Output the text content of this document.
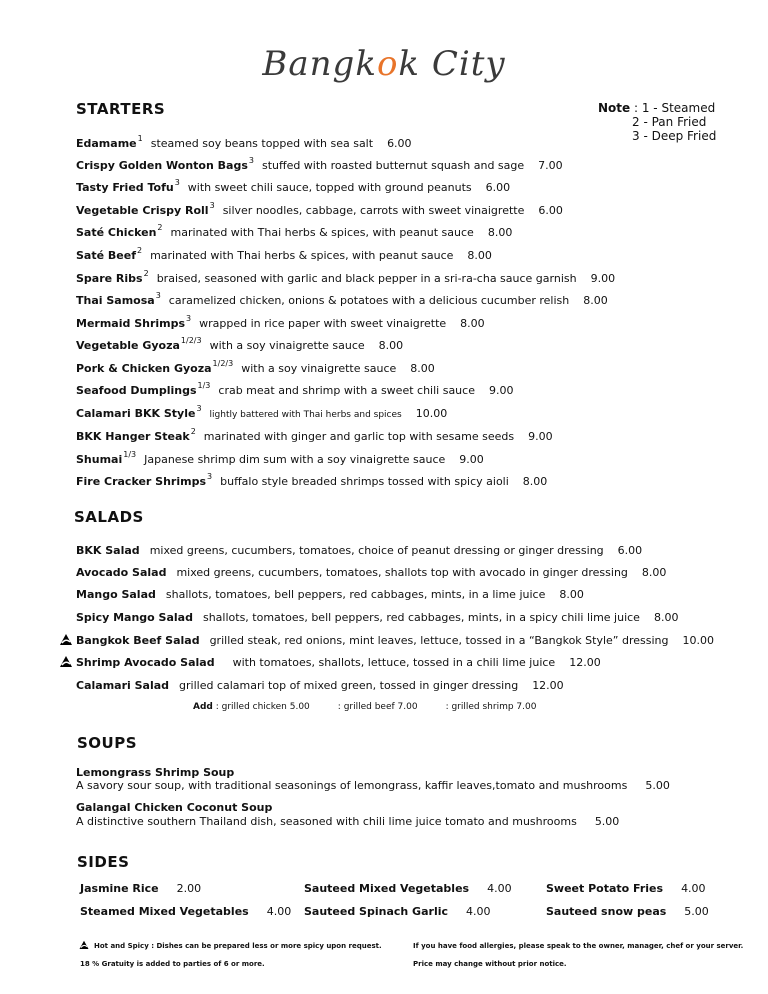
Bangkok City
STARTERS	Note : 1 - Steamed
2 - Pan Fried
3 - Deep Fried
Edamame$^1$ steamed soy beans topped with sea salt 6.00
Crispy Golden Wonton Bags$^3$ stuffed with roasted butternut squash and sage 7.00
Tasty Fried Tofu$^3$ with sweet chili sauce, topped with ground peanuts 6.00
Vegetable Crispy Roll$^3$ silver noodles, cabbage, carrots with sweet vinaigrette 6.00
Saté Chicken$^2$ marinated with Thai herbs & spices, with peanut sauce 8.00
Saté Beef$^2$ marinated with Thai herbs & spices, with peanut sauce 8.00
Spare Ribs$^2$ braised, seasoned with garlic and black pepper in a sri-ra-cha sauce garnish 9.00
Thai Samosa$^3$ caramelized chicken, onions & potatoes with a delicious cucumber relish 8.00
Mermaid Shrimps$^3$ wrapped in rice paper with sweet vinaigrette 8.00
Vegetable Gyoza$^{1/2/3}$ with a soy vinaigrette sauce 8.00
Pork & Chicken Gyoza$^{1/2/3}$ with a soy vinaigrette sauce 8.00
Seafood Dumplings$^{1/3}$ crab meat and shrimp with a sweet chili sauce 9.00
Calamari BKK Style$^3$lightly battered with Thai herbs and spices 10.00
BKK Hanger Steak$^2$ marinated with ginger and garlic top with sesame seeds 9.00
Shumai$^{1/3}$ Japanese shrimp dim sum with a soy vinaigrette sauce 9.00
Fire Cracker Shrimps$^3$ buffalo style breaded shrimps tossed with spicy aioli 8.00
SALADS
BKK Salad mixed greens, cucumbers, tomatoes, choice of peanut dressing or ginger dressing 6.00
Avocado Salad mixed greens, cucumbers, tomatoes, shallots top with avocado in ginger dressing 8.00
Mango Salad shallots, tomatoes, bell peppers, red cabbages, mints, in a lime juice 8.00
Spicy Mango Salad shallots, tomatoes, bell peppers, red cabbages, mints, in a spicy chili lime juice 8.00
Bangkok Beef Salad grilled steak, red onions, mint leaves, lettuce, tossed in a “Bangkok Style” dressing 10.00
Shrimp Avocado Salad with tomatoes, shallots, lettuce, tossed in a chili lime juice 12.00
Calamari Salad grilled calamari top of mixed green, tossed in ginger dressing 12.00
Add : grilled chicken 5.00	: grilled beef 7.00	: grilled shrimp 7.00
SOUPS
Lemongrass Shrimp Soup
A savory sour soup, with traditional seasonings of lemongrass, kaffir leaves,tomato and mushrooms 5.00
Galangal Chicken Coconut Soup
A distinctive southern Thailand dish, seasoned with chili lime juice tomato and mushrooms 5.00
SIDES
Jasmine Rice 2.00	Sauteed Mixed Vegetables 4.00	Sweet Potato Fries 4.00
Steamed Mixed Vegetables 4.00 Sauteed Spinach Garlic 4.00	Sauteed snow peas 5.00
Hot and Spicy : Dishes can be prepared less or more spicy upon request.
18 % Gratuity is added to parties of 6 or more.
If you have food allergies, please speak to the owner, manager, chef or your server.
Price may change without prior notice.
